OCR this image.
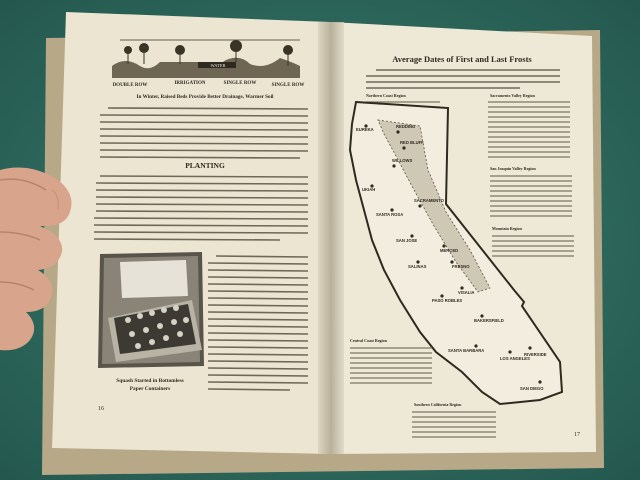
WATER
DOUBLE ROW	IRRIGATION	SINGLE ROW	SINGLE ROW
In Winter, Raised Beds Provide Better Drainage, Warmer Soil
PLANTING
Squash Started in Bottomless
Paper Containers
16
Average Dates of First and Last Frosts
Northern Coast Region	Sacramento Valley Region
San Joaquin Valley Region
Mountain Region
EUREKA
REDDING
RED BLUFF
WILLOWS
UKIAH
SANTA ROSA
SACRAMENTO
SAN JOSE
MERCED
FRESNO
VISALIA
SALINAS
PASO ROBLES
BAKERSFIELD
SANTA BARBARA
LOS ANGELES
RIVERSIDE
SAN DIEGO
Central Coast Region
Southern California Region
17
